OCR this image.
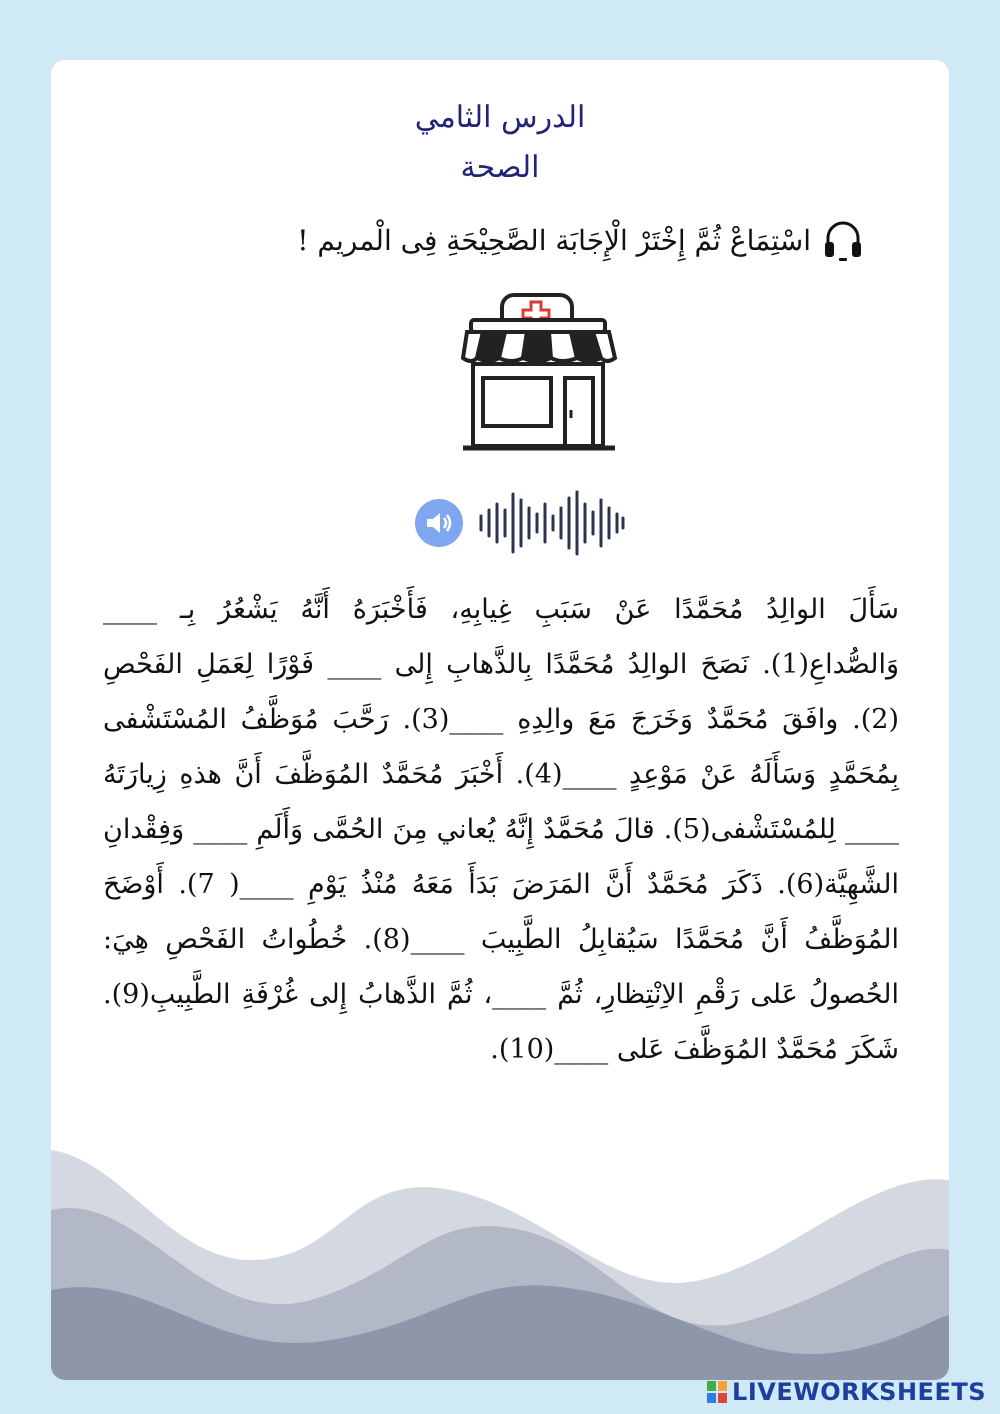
الدرس الثامي
الصحة
اسْتِمَاعْ ثُمَّ إِخْتَرْ الْإِجَابَة الصَّحِيْحَةِ فِى الْمريم !
سَأَلَ الوالِدُ مُحَمَّدًا عَنْ سَبَبِ غِيابِهِ، فَأَخْبَرَهُ أَنَّهُ يَشْعُرُ بِـ ____ وَالصُّداعِ(1). نَصَحَ الوالِدُ مُحَمَّدًا بِالذَّهابِ إِلى ____ فَوْرًا لِعَمَلِ الفَحْصِ (2). وافَقَ مُحَمَّدٌ وَخَرَجَ مَعَ والِدِهِ ____(3). رَحَّبَ مُوَظَّفُ المُسْتَشْفى بِمُحَمَّدٍ وَسَأَلَهُ عَنْ مَوْعِدٍ ____(4). أَخْبَرَ مُحَمَّدٌ المُوَظَّفَ أَنَّ هذهِ زِيارَتَهُ ____ لِلمُسْتَشْفى(5). قالَ مُحَمَّدٌ إِنَّهُ يُعاني مِنَ الحُمَّى وَأَلَمِ ____ وَفِقْدانِ الشَّهِيَّة(6). ذَكَرَ مُحَمَّدٌ أَنَّ المَرَضَ بَدَأَ مَعَهُ مُنْذُ يَوْمِ ____( 7). أَوْضَحَ المُوَظَّفُ أَنَّ مُحَمَّدًا سَيُقابِلُ الطَّبِيبَ ____(8). خُطُواتُ الفَحْصِ هِيَ: الحُصولُ عَلى رَقْمِ الاِنْتِظارِ، ثُمَّ ____، ثُمَّ الذَّهابُ إِلى غُرْفَةِ الطَّبِيبِ(9). شَكَرَ مُحَمَّدٌ المُوَظَّفَ عَلى ____(10).
LIVEWORKSHEETS
